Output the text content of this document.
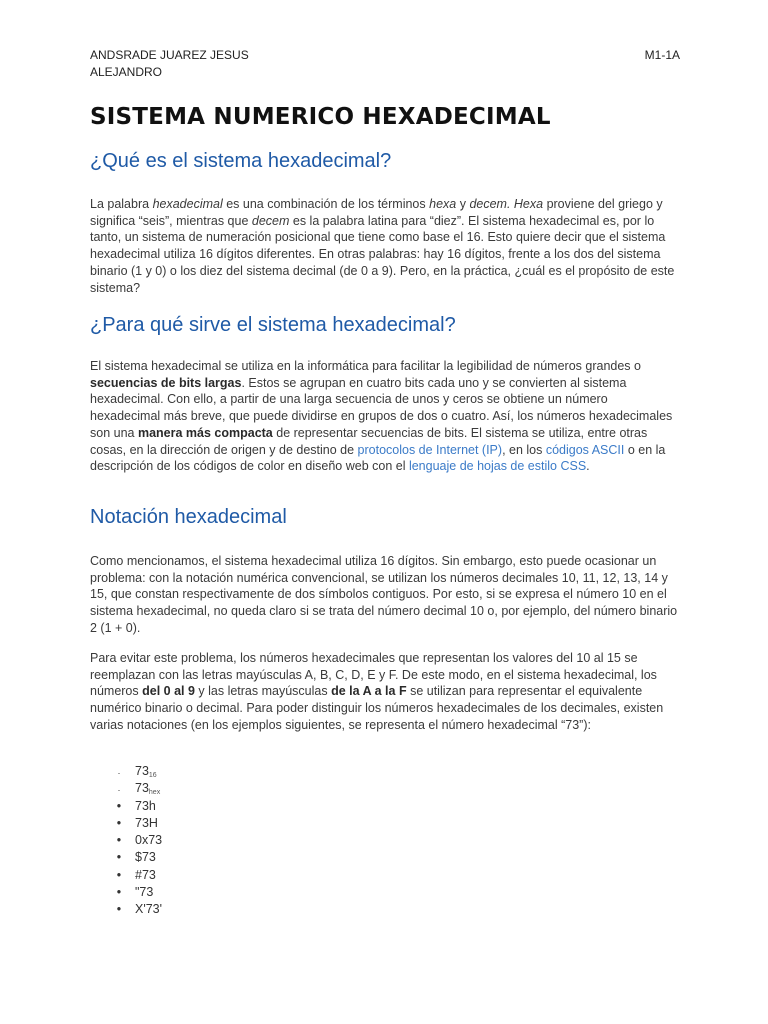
ANDSRADE JUAREZ JESUS
ALEJANDRO
M1-1A
SISTEMA NUMERICO HEXADECIMAL
¿Qué es el sistema hexadecimal?

La palabra hexadecimal es una combinación de los términos hexa y decem. Hexa proviene del griego y significa “seis”, mientras que decem es la palabra latina para “diez”. El sistema hexadecimal es, por lo tanto, un sistema de numeración posicional que tiene como base el 16. Esto quiere decir que el sistema hexadecimal utiliza 16 dígitos diferentes. En otras palabras: hay 16 dígitos, frente a los dos del sistema binario (1 y 0) o los diez del sistema decimal (de 0 a 9). Pero, en la práctica, ¿cuál es el propósito de este sistema?

¿Para qué sirve el sistema hexadecimal?

El sistema hexadecimal se utiliza en la informática para facilitar la legibilidad de números grandes o secuencias de bits largas. Estos se agrupan en cuatro bits cada uno y se convierten al sistema hexadecimal. Con ello, a partir de una larga secuencia de unos y ceros se obtiene un número hexadecimal más breve, que puede dividirse en grupos de dos o cuatro. Así, los números hexadecimales son una manera más compacta de representar secuencias de bits. El sistema se utiliza, entre otras cosas, en la dirección de origen y de destino de protocolos de Internet (IP), en los códigos ASCII o en la descripción de los códigos de color en diseño web con el lenguaje de hojas de estilo CSS.

Notación hexadecimal

Como mencionamos, el sistema hexadecimal utiliza 16 dígitos. Sin embargo, esto puede ocasionar un problema: con la notación numérica convencional, se utilizan los números decimales 10, 11, 12, 13, 14 y 15, que constan respectivamente de dos símbolos contiguos. Por esto, si se expresa el número 10 en el sistema hexadecimal, no queda claro si se trata del número decimal 10 o, por ejemplo, del número binario 2 (1 + 0).

Para evitar este problema, los números hexadecimales que representan los valores del 10 al 15 se reemplazan con las letras mayúsculas A, B, C, D, E y F. De este modo, en el sistema hexadecimal, los números del 0 al 9 y las letras mayúsculas de la A a la F se utilizan para representar el equivalente numérico binario o decimal. Para poder distinguir los números hexadecimales de los decimales, existen varias notaciones (en los ejemplos siguientes, se representa el número hexadecimal “73”):

.	$73_{16}$
.	$73_{hex}$
• 73h
• 73H
• 0x73
• $73
• #73
• "73
• X'73'
